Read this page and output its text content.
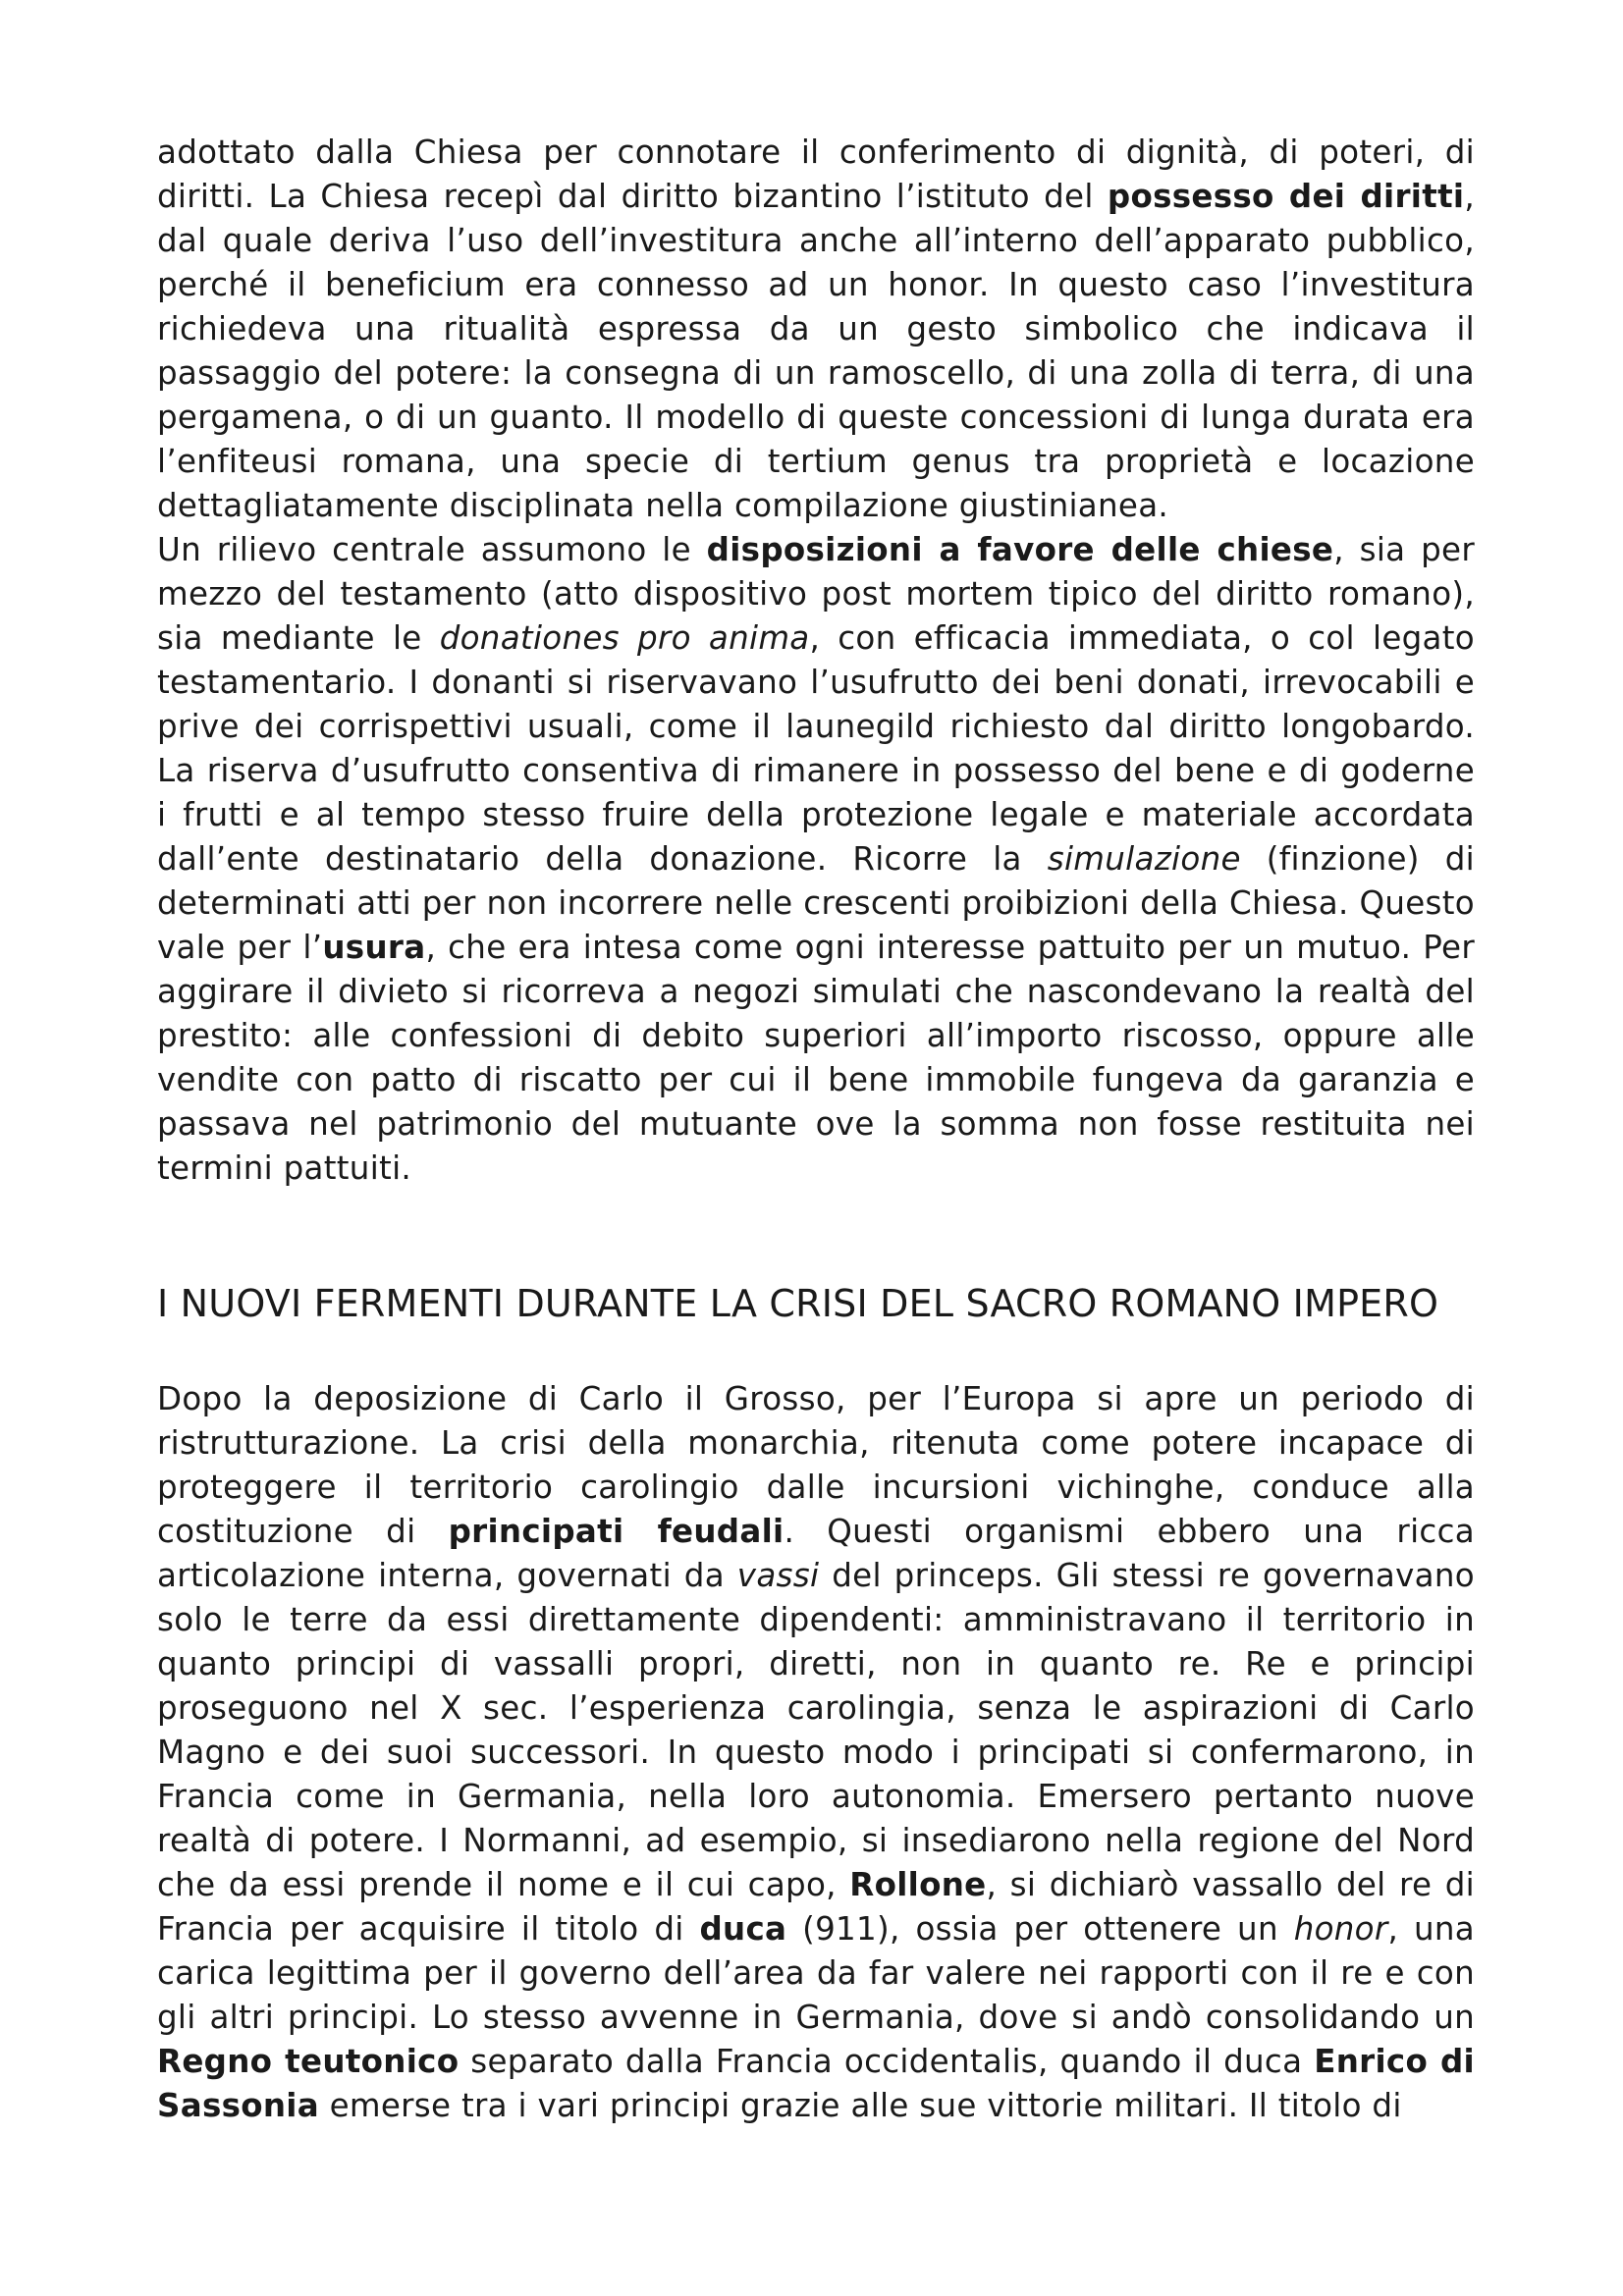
adottato dalla Chiesa per connotare il conferimento di dignità, di poteri, di diritti. La Chiesa recepì dal diritto bizantino l’istituto del possesso dei diritti, dal quale deriva l’uso dell’investitura anche all’interno dell’apparato pubblico, perché il beneficium era connesso ad un honor. In questo caso l’investitura richiedeva una ritualità espressa da un gesto simbolico che indicava il passaggio del potere: la consegna di un ramoscello, di una zolla di terra, di una pergamena, o di un guanto. Il modello di queste concessioni di lunga durata era l’enfiteusi romana, una specie di tertium genus tra proprietà e locazione dettagliatamente disciplinata nella compilazione giustinianea.

Un rilievo centrale assumono le disposizioni a favore delle chiese, sia per mezzo del testamento (atto dispositivo post mortem tipico del diritto romano), sia mediante le donationes pro anima, con efficacia immediata, o col legato testamentario. I donanti si riservavano l’usufrutto dei beni donati, irrevocabili e prive dei corrispettivi usuali, come il launegild richiesto dal diritto longobardo. La riserva d’usufrutto consentiva di rimanere in possesso del bene e di goderne i frutti e al tempo stesso fruire della protezione legale e materiale accordata dall’ente destinatario della donazione. Ricorre la simulazione (finzione) di determinati atti per non incorrere nelle crescenti proibizioni della Chiesa. Questo vale per l’usura, che era intesa come ogni interesse pattuito per un mutuo. Per aggirare il divieto si ricorreva a negozi simulati che nascondevano la realtà del prestito: alle confessioni di debito superiori all’importo riscosso, oppure alle vendite con patto di riscatto per cui il bene immobile fungeva da garanzia e passava nel patrimonio del mutuante ove la somma non fosse restituita nei termini pattuiti.

I NUOVI FERMENTI DURANTE LA CRISI DEL SACRO ROMANO IMPERO

Dopo la deposizione di Carlo il Grosso, per l’Europa si apre un periodo di ristrutturazione. La crisi della monarchia, ritenuta come potere incapace di proteggere il territorio carolingio dalle incursioni vichinghe, conduce alla costituzione di principati feudali. Questi organismi ebbero una ricca articolazione interna, governati da vassi del princeps. Gli stessi re governavano solo le terre da essi direttamente dipendenti: amministravano il territorio in quanto principi di vassalli propri, diretti, non in quanto re. Re e principi proseguono nel X sec. l’esperienza carolingia, senza le aspirazioni di Carlo Magno e dei suoi successori. In questo modo i principati si confermarono, in Francia come in Germania, nella loro autonomia. Emersero pertanto nuove realtà di potere. I Normanni, ad esempio, si insediarono nella regione del Nord che da essi prende il nome e il cui capo, Rollone, si dichiarò vassallo del re di Francia per acquisire il titolo di duca (911), ossia per ottenere un honor, una carica legittima per il governo dell’area da far valere nei rapporti con il re e con gli altri principi. Lo stesso avvenne in Germania, dove si andò consolidando un Regno teutonico separato dalla Francia occidentalis, quando il duca Enrico di Sassonia emerse tra i vari principi grazie alle sue vittorie militari. Il titolo di
